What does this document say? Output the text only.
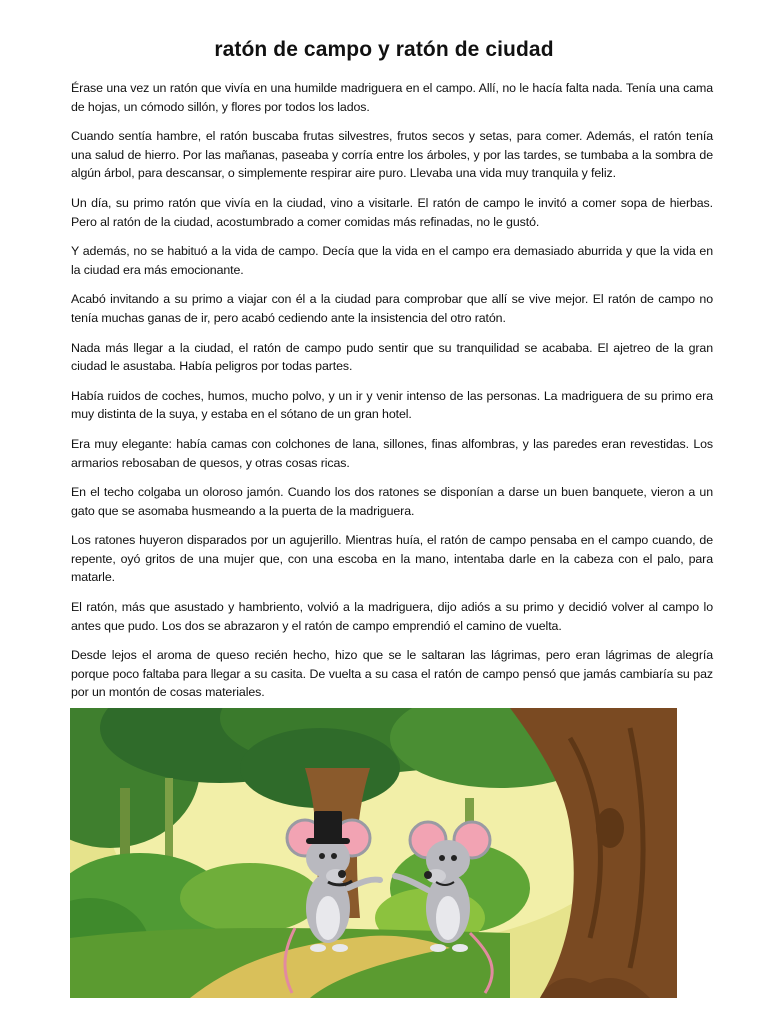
ratón de campo y ratón de ciudad

Érase una vez un ratón que vivía en una humilde madriguera en el campo. Allí, no le hacía falta nada. Tenía una cama de hojas, un cómodo sillón, y flores por todos los lados.

Cuando sentía hambre, el ratón buscaba frutas silvestres, frutos secos y setas, para comer. Además, el ratón tenía una salud de hierro. Por las mañanas, paseaba y corría entre los árboles, y por las tardes, se tumbaba a la sombra de algún árbol, para descansar, o simplemente respirar aire puro. Llevaba una vida muy tranquila y feliz.

Un día, su primo ratón que vivía en la ciudad, vino a visitarle. El ratón de campo le invitó a comer sopa de hierbas. Pero al ratón de la ciudad, acostumbrado a comer comidas más refinadas, no le gustó.

Y además, no se habituó a la vida de campo. Decía que la vida en el campo era demasiado aburrida y que la vida en la ciudad era más emocionante.

Acabó invitando a su primo a viajar con él a la ciudad para comprobar que allí se vive mejor. El ratón de campo no tenía muchas ganas de ir, pero acabó cediendo ante la insistencia del otro ratón.

Nada más llegar a la ciudad, el ratón de campo pudo sentir que su tranquilidad se acababa. El ajetreo de la gran ciudad le asustaba. Había peligros por todas partes.

Había ruidos de coches, humos, mucho polvo, y un ir y venir intenso de las personas. La madriguera de su primo era muy distinta de la suya, y estaba en el sótano de un gran hotel.

Era muy elegante: había camas con colchones de lana, sillones, finas alfombras, y las paredes eran revestidas. Los armarios rebosaban de quesos, y otras cosas ricas.

En el techo colgaba un oloroso jamón. Cuando los dos ratones se disponían a darse un buen banquete, vieron a un gato que se asomaba husmeando a la puerta de la madriguera.

Los ratones huyeron disparados por un agujerillo. Mientras huía, el ratón de campo pensaba en el campo cuando, de repente, oyó gritos de una mujer que, con una escoba en la mano, intentaba darle en la cabeza con el palo, para matarle.

El ratón, más que asustado y hambriento, volvió a la madriguera, dijo adiós a su primo y decidió volver al campo lo antes que pudo. Los dos se abrazaron y el ratón de campo emprendió el camino de vuelta.

Desde lejos el aroma de queso recién hecho, hizo que se le saltaran las lágrimas, pero eran lágrimas de alegría porque poco faltaba para llegar a su casita. De vuelta a su casa el ratón de campo pensó que jamás cambiaría su paz por un montón de cosas materiales.
